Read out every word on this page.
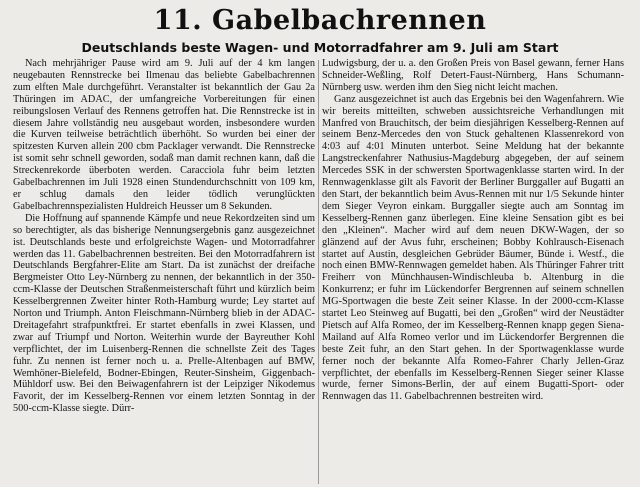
11. Gabelbachrennen
Deutschlands beste Wagen- und Motorradfahrer am 9. Juli am Start

Nach mehrjähriger Pause wird am 9. Juli auf der 4 km langen neugebauten Rennstrecke bei Ilmenau das beliebte Gabelbachrennen zum elften Male durchgeführt. Veranstalter ist bekanntlich der Gau 2a Thüringen im ADAC, der umfangreiche Vorbereitungen für einen reibungslosen Verlauf des Rennens getroffen hat. Die Rennstrecke ist in diesem Jahre vollständig neu ausgebaut worden, insbesondere wurden die Kurven teilweise beträchtlich überhöht. So wurden bei einer der spitzesten Kurven allein 200 cbm Packlager verwandt. Die Rennstrecke ist somit sehr schnell geworden, sodaß man damit rechnen kann, daß die Streckenrekorde überboten werden. Caracciola fuhr beim letzten Gabelbachrennen im Juli 1928 einen Stundendurchschnitt von 109 km, er schlug damals den leider tödlich verunglückten Gabelbachrennspezialisten Huldreich Heusser um 8 Sekunden.

Die Hoffnung auf spannende Kämpfe und neue Rekordzeiten sind um so berechtigter, als das bisherige Nennungsergebnis ganz ausgezeichnet ist. Deutschlands beste und erfolgreichste Wagen- und Motorradfahrer werden das 11. Gabelbachrennen bestreiten. Bei den Motorradfahrern ist Deutschlands Bergfahrer-Elite am Start. Da ist zunächst der dreifache Bergmeister Otto Ley-Nürnberg zu nennen, der bekanntlich in der 350-ccm-Klasse der Deutschen Straßenmeisterschaft führt und kürzlich beim Kesselbergrennen Zweiter hinter Roth-Hamburg wurde; Ley startet auf Norton und Triumph. Anton Fleischmann-Nürnberg blieb in der ADAC-Dreitagefahrt strafpunktfrei. Er startet ebenfalls in zwei Klassen, und zwar auf Triumpf und Norton. Weiterhin wurde der Bayreuther Kohl verpflichtet, der im Luisenberg-Rennen die schnellste Zeit des Tages fuhr. Zu nennen ist ferner noch u. a. Prelle-Altenbagen auf BMW, Wemhöner-Bielefeld, Bodner-Ebingen, Reuter-Sinsheim, Giggenbach-Mühldorf usw. Bei den Beiwagenfahrern ist der Leipziger Nikodemus Favorit, der im Kesselberg-Rennen vor einem letzten Sonntag in der 500-ccm-Klasse siegte. Dürr-

Ludwigsburg, der u. a. den Großen Preis von Basel gewann, ferner Hans Schneider-Weßling, Rolf Detert-Faust-Nürnberg, Hans Schumann-Nürnberg usw. werden ihm den Sieg nicht leicht machen.

Ganz ausgezeichnet ist auch das Ergebnis bei den Wagenfahrern. Wie wir bereits mitteilten, schweben aussichtsreiche Verhandlungen mit Manfred von Brauchitsch, der beim diesjährigen Kesselberg-Rennen auf seinem Benz-Mercedes den von Stuck gehaltenen Klassenrekord von 4:03 auf 4:01 Minuten unterbot. Seine Meldung hat der bekannte Langstreckenfahrer Nathusius-Magdeburg abgegeben, der auf seinem Mercedes SSK in der schwersten Sportwagenklasse starten wird. In der Rennwagenklasse gilt als Favorit der Berliner Burggaller auf Bugatti an den Start, der bekanntlich beim Avus-Rennen mit nur 1/5 Sekunde hinter dem Sieger Veyron einkam. Burggaller siegte auch am Sonntag im Kesselberg-Rennen ganz überlegen. Eine kleine Sensation gibt es bei den „Kleinen“. Macher wird auf dem neuen DKW-Wagen, der so glänzend auf der Avus fuhr, erscheinen; Bobby Kohlrausch-Eisenach startet auf Austin, desgleichen Gebrüder Bäumer, Bünde i. Westf., die noch einen BMW-Rennwagen gemeldet haben. Als Thüringer Fahrer tritt Freiherr von Münchhausen-Windischleuba b. Altenburg in die Konkurrenz; er fuhr im Lückendorfer Bergrennen auf seinem schnellen MG-Sportwagen die beste Zeit seiner Klasse. In der 2000-ccm-Klasse startet Leo Steinweg auf Bugatti, bei den „Großen“ wird der Neustädter Pietsch auf Alfa Romeo, der im Kesselberg-Rennen knapp gegen Siena-Mailand auf Alfa Romeo verlor und im Lückendorfer Bergrennen die beste Zeit fuhr, an den Start gehen. In der Sportwagenklasse wurde ferner noch der bekannte Alfa Romeo-Fahrer Charly Jellen-Graz verpflichtet, der ebenfalls im Kesselberg-Rennen Sieger seiner Klasse wurde, ferner Simons-Berlin, der auf einem Bugatti-Sport- oder Rennwagen das 11. Gabelbachrennen bestreiten wird.
